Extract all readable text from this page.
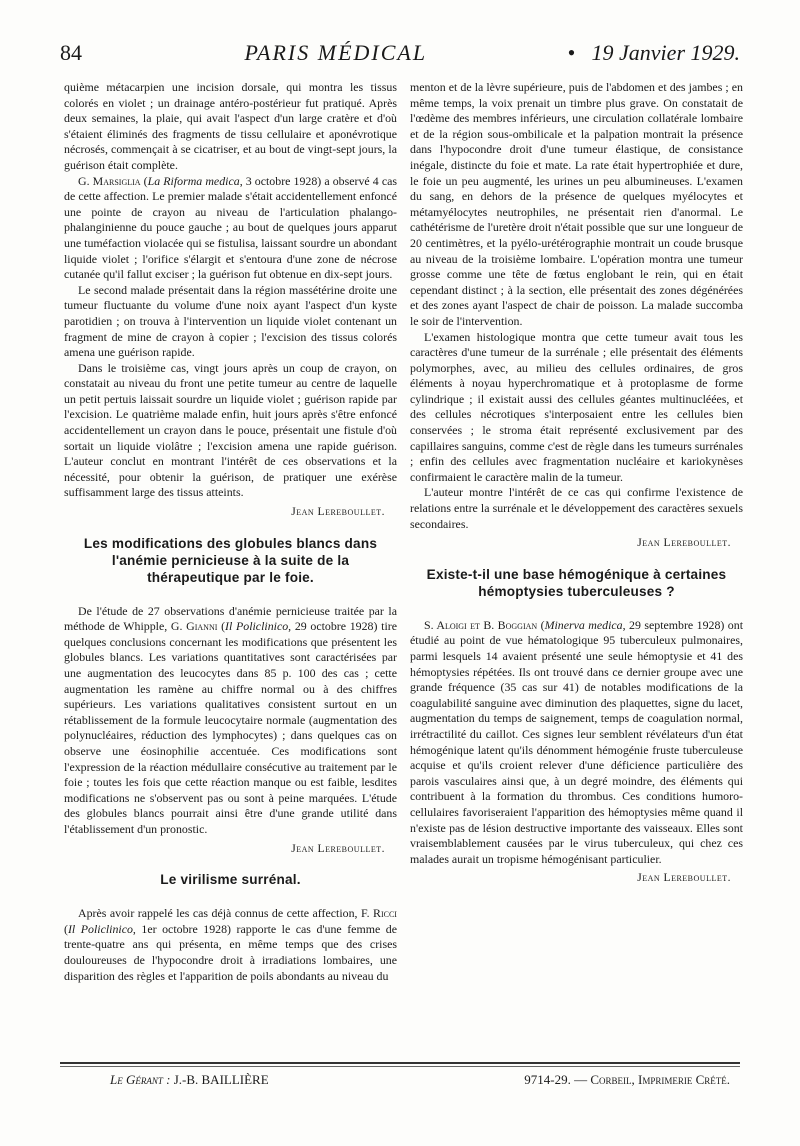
84	PARIS MÉDICAL	• 19 Janvier 1929.

quième métacarpien une incision dorsale, qui montra les tissus colorés en violet ; un drainage antéro-postérieur fut pratiqué. Après deux semaines, la plaie, qui avait l'aspect d'un large cratère et d'où s'étaient éliminés des fragments de tissu cellulaire et aponévrotique nécrosés, commençait à se cicatriser, et au bout de vingt-sept jours, la guérison était complète.

G. Marsiglia (La Riforma medica, 3 octobre 1928) a observé 4 cas de cette affection. Le premier malade s'était accidentellement enfoncé une pointe de crayon au niveau de l'articulation phalango-phalanginienne du pouce gauche ; au bout de quelques jours apparut une tuméfaction violacée qui se fistulisa, laissant sourdre un abondant liquide violet ; l'orifice s'élargit et s'entoura d'une zone de nécrose cutanée qu'il fallut exciser ; la guérison fut obtenue en dix-sept jours.

Le second malade présentait dans la région massétérine droite une tumeur fluctuante du volume d'une noix ayant l'aspect d'un kyste parotidien ; on trouva à l'intervention un liquide violet contenant un fragment de mine de crayon à copier ; l'excision des tissus colorés amena une guérison rapide.

Dans le troisième cas, vingt jours après un coup de crayon, on constatait au niveau du front une petite tumeur au centre de laquelle un petit pertuis laissait sourdre un liquide violet ; guérison rapide par l'excision. Le quatrième malade enfin, huit jours après s'être enfoncé accidentellement un crayon dans le pouce, présentait une fistule d'où sortait un liquide violâtre ; l'excision amena une rapide guérison. L'auteur conclut en montrant l'intérêt de ces observations et la nécessité, pour obtenir la guérison, de pratiquer une exérèse suffisamment large des tissus atteints.

Jean Lereboullet.
Les modifications des globules blancs dans l'anémie pernicieuse à la suite de la thérapeutique par le foie.

De l'étude de 27 observations d'anémie pernicieuse traitée par la méthode de Whipple, G. Gianni (Il Policlinico, 29 octobre 1928) tire quelques conclusions concernant les modifications que présentent les globules blancs. Les variations quantitatives sont caractérisées par une augmentation des leucocytes dans 85 p. 100 des cas ; cette augmentation les ramène au chiffre normal ou à des chiffres supérieurs. Les variations qualitatives consistent surtout en un rétablissement de la formule leucocytaire normale (augmentation des polynucléaires, réduction des lymphocytes) ; dans quelques cas on observe une éosinophilie accentuée. Ces modifications sont l'expression de la réaction médullaire consécutive au traitement par le foie ; toutes les fois que cette réaction manque ou est faible, lesdites modifications ne s'observent pas ou sont à peine marquées. L'étude des globules blancs pourrait ainsi être d'une grande utilité dans l'établissement d'un pronostic.

Jean Lereboullet.
Le virilisme surrénal.

Après avoir rappelé les cas déjà connus de cette affection, F. Ricci (Il Policlinico, 1er octobre 1928) rapporte le cas d'une femme de trente-quatre ans qui présenta, en même temps que des crises douloureuses de l'hypocondre droit à irradiations lombaires, une disparition des règles et l'apparition de poils abondants au niveau du

menton et de la lèvre supérieure, puis de l'abdomen et des jambes ; en même temps, la voix prenait un timbre plus grave. On constatait de l'œdème des membres inférieurs, une circulation collatérale lombaire et de la région sous-ombilicale et la palpation montrait la présence dans l'hypocondre droit d'une tumeur élastique, de consistance inégale, distincte du foie et mate. La rate était hypertrophiée et dure, le foie un peu augmenté, les urines un peu albumineuses. L'examen du sang, en dehors de la présence de quelques myélocytes et métamyélocytes neutrophiles, ne présentait rien d'anormal. Le cathétérisme de l'uretère droit n'était possible que sur une longueur de 20 centimètres, et la pyélo-urétérographie montrait un coude brusque au niveau de la troisième lombaire. L'opération montra une tumeur grosse comme une tête de fœtus englobant le rein, qui en était cependant distinct ; à la section, elle présentait des zones dégénérées et des zones ayant l'aspect de chair de poisson. La malade succomba le soir de l'intervention.

L'examen histologique montra que cette tumeur avait tous les caractères d'une tumeur de la surrénale ; elle présentait des éléments polymorphes, avec, au milieu des cellules ordinaires, de gros éléments à noyau hyperchromatique et à protoplasme de forme cylindrique ; il existait aussi des cellules géantes multinucléées, et des cellules nécrotiques s'interposaient entre les cellules bien conservées ; le stroma était représenté exclusivement par des capillaires sanguins, comme c'est de règle dans les tumeurs surrénales ; enfin des cellules avec fragmentation nucléaire et kariokynèses confirmaient le caractère malin de la tumeur.

L'auteur montre l'intérêt de ce cas qui confirme l'existence de relations entre la surrénale et le développement des caractères sexuels secondaires.

Jean Lereboullet.
Existe-t-il une base hémogénique à certaines hémoptysies tuberculeuses ?

S. Aloigi et B. Boggian (Minerva medica, 29 septembre 1928) ont étudié au point de vue hématologique 95 tuberculeux pulmonaires, parmi lesquels 14 avaient présenté une seule hémoptysie et 41 des hémoptysies répétées. Ils ont trouvé dans ce dernier groupe avec une grande fréquence (35 cas sur 41) de notables modifications de la coagulabilité sanguine avec diminution des plaquettes, signe du lacet, augmentation du temps de saignement, temps de coagulation normal, irrétractilité du caillot. Ces signes leur semblent révélateurs d'un état hémogénique latent qu'ils dénomment hémogénie fruste tuberculeuse acquise et qu'ils croient relever d'une déficience particulière des parois vasculaires ainsi que, à un degré moindre, des éléments qui contribuent à la formation du thrombus. Ces conditions humoro-cellulaires favoriseraient l'apparition des hémoptysies même quand il n'existe pas de lésion destructive importante des vaisseaux. Elles sont vraisemblablement causées par le virus tuberculeux, qui chez ces malades aurait un tropisme hémogénisant particulier.

Jean Lereboullet.
Le Gérant : J.-B. BAILLIÈRE	9714-29. — Corbeil, Imprimerie Crété.
